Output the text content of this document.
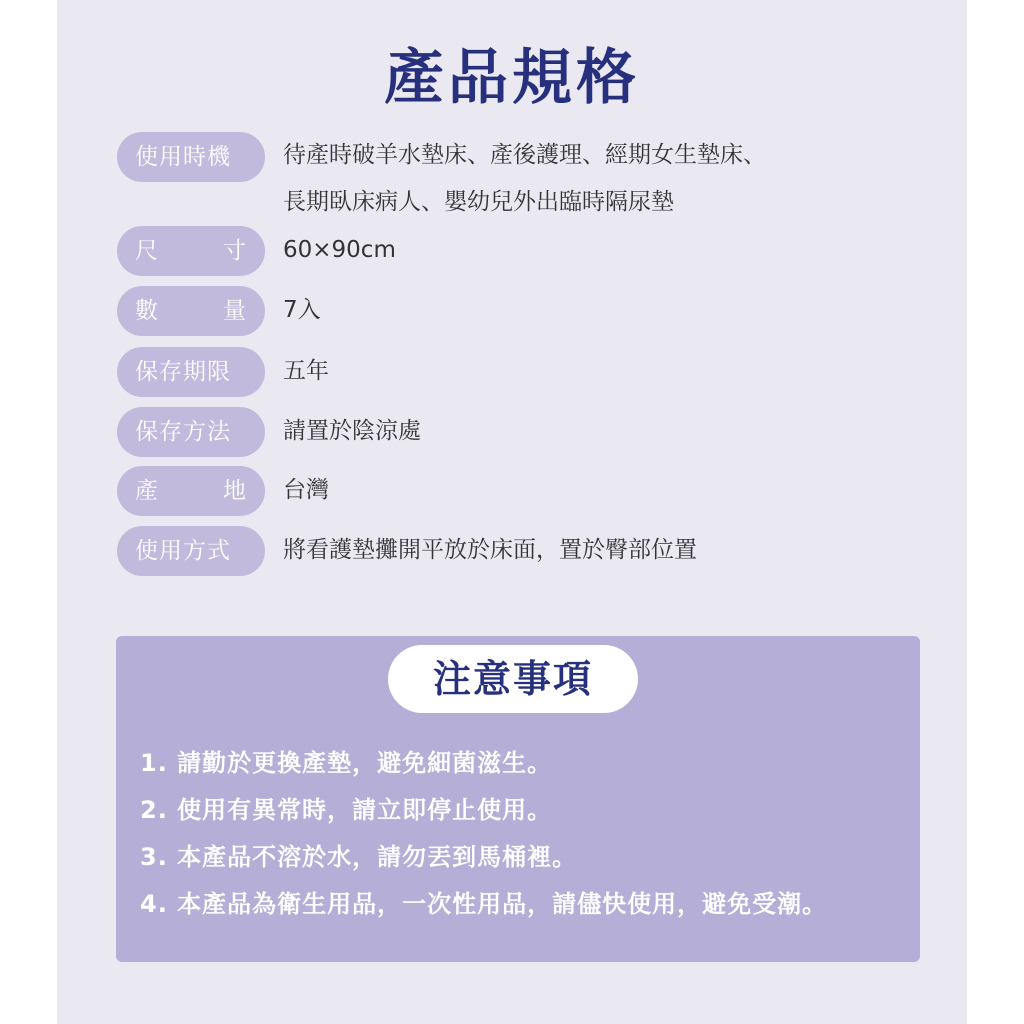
產品規格
使用時機 待產時破羊水墊床、產後護理、經期女生墊床、
長期臥床病人、嬰幼兒外出臨時隔尿墊
尺	寸 60×90cm
數	量 7入
保存期限 五年
保存方法 請置於陰涼處
產	地 台灣
使用方式 將看護墊攤開平放於床面，置於臀部位置
注意事項
1. 請勤於更換產墊，避免細菌滋生。
2. 使用有異常時，請立即停止使用。
3. 本產品不溶於水，請勿丟到馬桶裡。
4. 本產品為衛生用品，一次性用品，請儘快使用，避免受潮。
